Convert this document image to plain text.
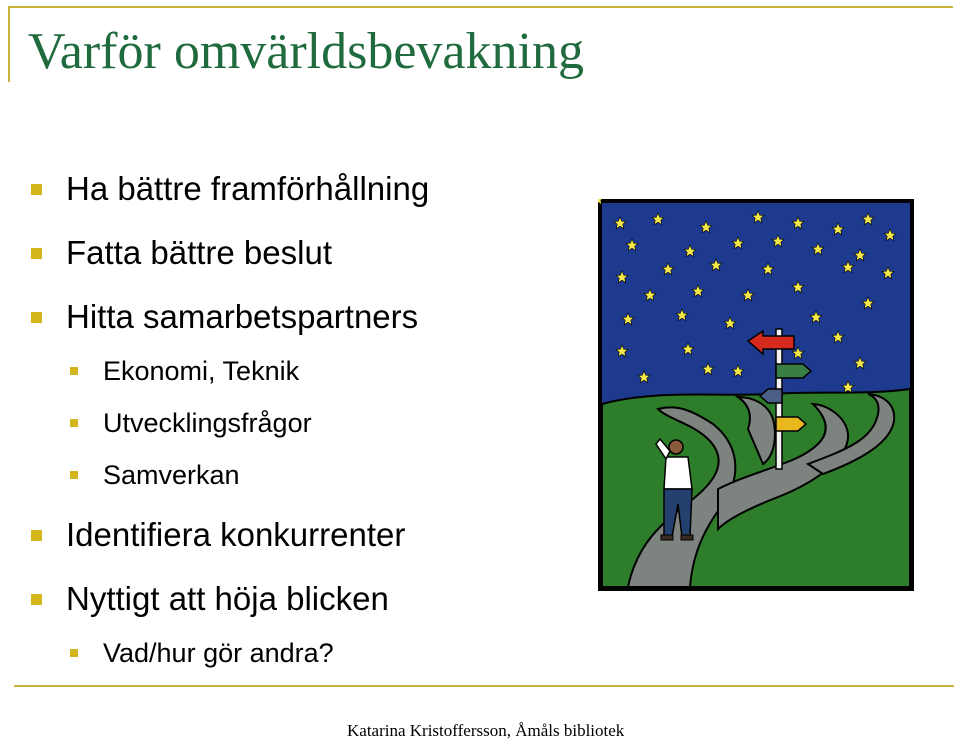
Varför omvärldsbevakning
Ha bättre framförhållning
Fatta bättre beslut
Hitta samarbetspartners
Ekonomi, Teknik
Utvecklingsfrågor
Samverkan
Identifiera konkurrenter
Nyttigt att höja blicken
Vad/hur gör andra?
Katarina Kristoffersson, Åmåls bibliotek
